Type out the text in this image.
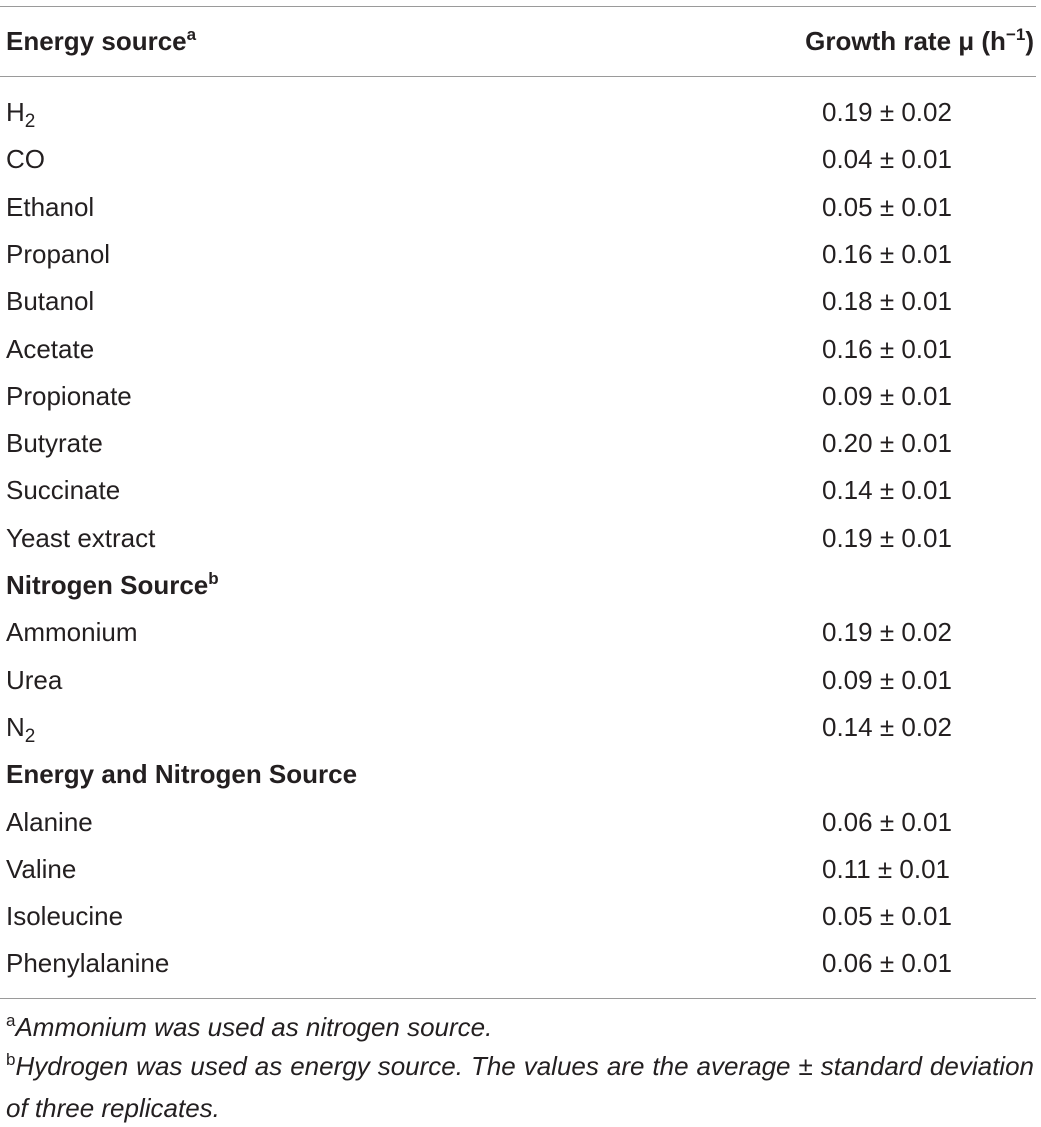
Energy source$^a$	Growth rate μ $(h^{-1})$
$H_2$	0.19 ± 0.02
CO	0.04 ± 0.01
Ethanol	0.05 ± 0.01
Propanol	0.16 ± 0.01
Butanol	0.18 ± 0.01
Acetate	0.16 ± 0.01
Propionate	0.09 ± 0.01
Butyrate	0.20 ± 0.01
Succinate	0.14 ± 0.01
Yeast extract	0.19 ± 0.01
Nitrogen Source$^b$
Ammonium	0.19 ± 0.02
Urea	0.09 ± 0.01
$N_2$	0.14 ± 0.02
Energy and Nitrogen Source
Alanine	0.06 ± 0.01
Valine	0.11 ± 0.01
Isoleucine	0.05 ± 0.01
Phenylalanine	0.06 ± 0.01
$^a$Ammonium was used as nitrogen source.
$^b$Hydrogen was used as energy source. The values are the average ± standard deviation of three replicates.
